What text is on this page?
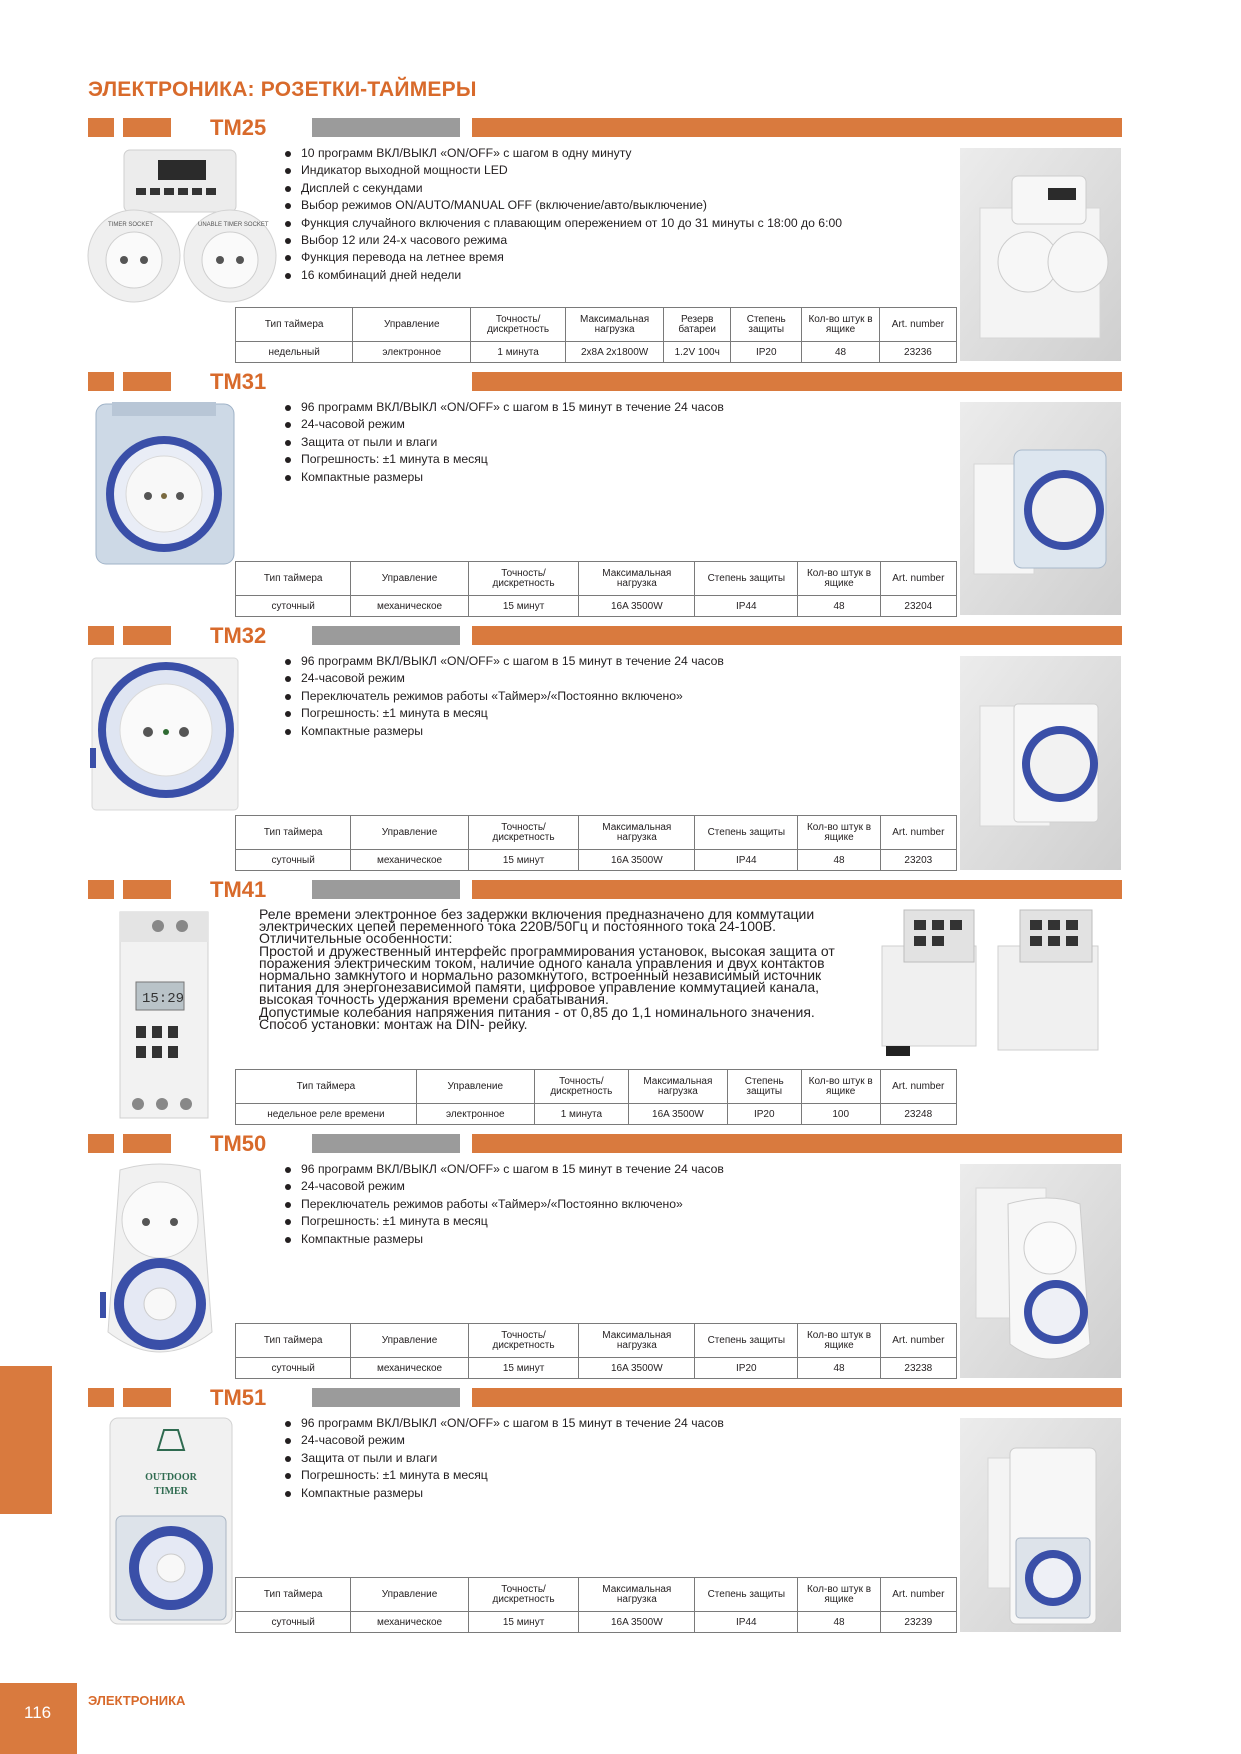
ЭЛЕКТРОНИКА: РОЗЕТКИ-ТАЙМЕРЫ
TM25
TIMER SOCKET	UNABLE TIMER SOCKET
10 программ ВКЛ/ВЫКЛ «ON/OFF» с шагом в одну минуту
Индикатор выходной мощности LED
Дисплей с секундами
Выбор режимов ON/AUTO/MANUAL OFF (включение/авто/выключение)
Функция случайного включения с плавающим опережением от 10 до 31 минуты с 18:00 до 6:00
Выбор 12 или 24-х часового режима
Функция перевода на летнее время
16 комбинаций дней недели
Тип таймера	Управление	Точность/ дискретность	Максимальная нагрузка	Резерв батареи	Степень защиты	Кол-во штук в ящике	Art. number
недельный	электронное	1 минута	2x8A 2x1800W	1.2V 100ч	IP20	48	23236
TM31
96 программ ВКЛ/ВЫКЛ «ON/OFF» с шагом в 15 минут в течение 24 часов
24-часовой режим
Защита от пыли и влаги
Погрешность: ±1 минута в месяц
Компактные размеры
Тип таймера	Управление	Точность/ дискретность	Максимальная нагрузка	Степень защиты	Кол-во штук в ящике	Art. number
суточный	механическое	15 минут	16A 3500W	IP44	48	23204
TM32
96 программ ВКЛ/ВЫКЛ «ON/OFF» с шагом в 15 минут в течение 24 часов
24-часовой режим
Переключатель режимов работы «Таймер»/«Постоянно включено»
Погрешность: ±1 минута в месяц
Компактные размеры
Тип таймера	Управление	Точность/ дискретность	Максимальная нагрузка	Степень защиты	Кол-во штук в ящике	Art. number
суточный	механическое	15 минут	16A 3500W	IP44	48	23203
TM41
15:29
Реле времени электронное без задержки включения предназначено для коммутации
электрических цепей переменного тока 220В/50Гц и постоянного тока 24-100В.
Отличительные особенности:
Простой и дружественный интерфейс программирования установок, высокая защита от
поражения электрическим током, наличие одного канала управления и двух контактов
нормально замкнутого и нормально разомкнутого, встроенный независимый источник
питания для энергонезависимой памяти, цифровое управление коммутацией канала,
высокая точность удержания времени срабатывания.
Допустимые колебания напряжения питания - от 0,85 до 1,1 номинального значения.
Способ установки: монтаж на DIN- рейку.
Тип таймера	Управление	Точность/ дискретность	Максимальная нагрузка	Степень защиты	Кол-во штук в ящике	Art. number
недельное реле времени	электронное	1 минута	16A 3500W	IP20	100	23248
TM50
96 программ ВКЛ/ВЫКЛ «ON/OFF» с шагом в 15 минут в течение 24 часов
24-часовой режим
Переключатель режимов работы «Таймер»/«Постоянно включено»
Погрешность: ±1 минута в месяц
Компактные размеры
Тип таймера	Управление	Точность/ дискретность	Максимальная нагрузка	Степень защиты	Кол-во штук в ящике	Art. number
суточный	механическое	15 минут	16A 3500W	IP20	48	23238
TM51
OUTDOOR
TIMER
96 программ ВКЛ/ВЫКЛ «ON/OFF» с шагом в 15 минут в течение 24 часов
24-часовой режим
Защита от пыли и влаги
Погрешность: ±1 минута в месяц
Компактные размеры
Тип таймера	Управление	Точность/ дискретность	Максимальная нагрузка	Степень защиты	Кол-во штук в ящике	Art. number
суточный	механическое	15 минут	16A 3500W	IP44	48	23239
116
ЭЛЕКТРОНИКА
